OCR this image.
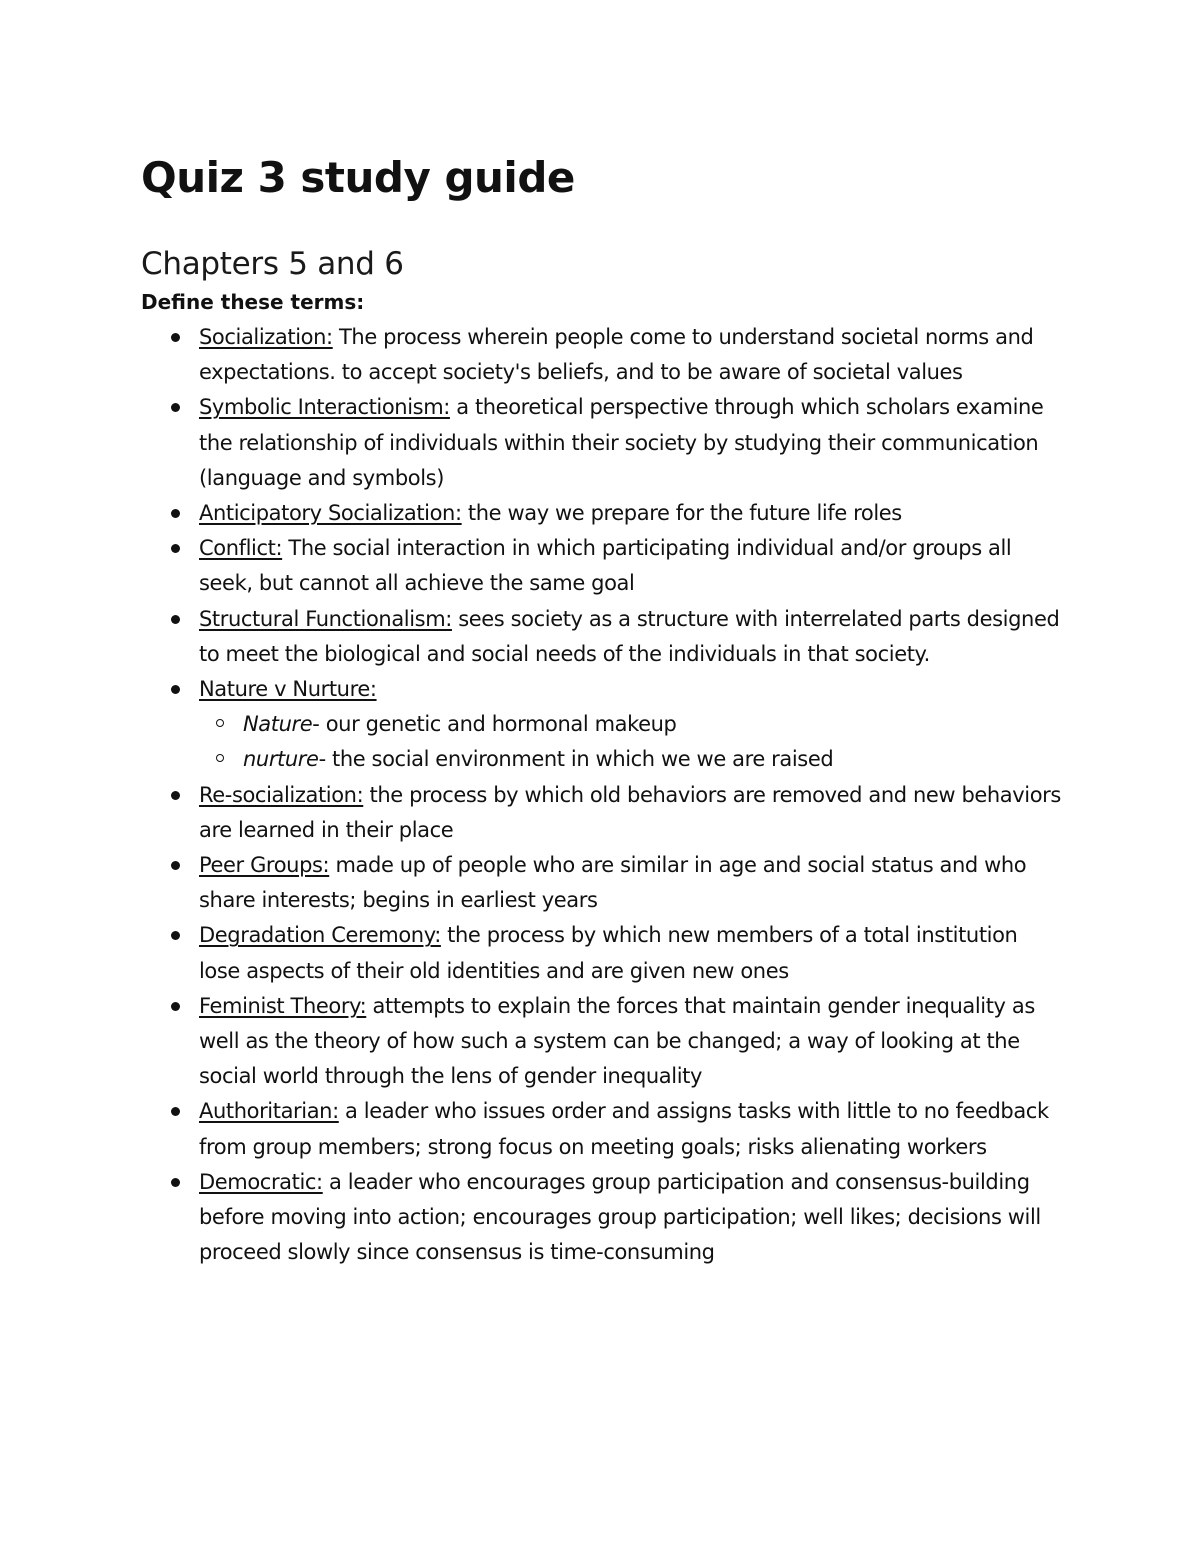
Quiz 3 study guide
Chapters 5 and 6

Define these terms:

Socialization: The process wherein people come to understand societal norms and expectations. to accept society's beliefs, and to be aware of societal values
Symbolic Interactionism: a theoretical perspective through which scholars examine the relationship of individuals within their society by studying their communication (language and symbols)
Anticipatory Socialization: the way we prepare for the future life roles
Conflict: The social interaction in which participating individual and/or groups all seek, but cannot all achieve the same goal
Structural Functionalism: sees society as a structure with interrelated parts designed to meet the biological and social needs of the individuals in that society.
Nature v Nurture:
Nature- our genetic and hormonal makeup
nurture- the social environment in which we we are raised
Re-socialization: the process by which old behaviors are removed and new behaviors are learned in their place
Peer Groups: made up of people who are similar in age and social status and who share interests; begins in earliest years
Degradation Ceremony: the process by which new members of a total institution lose aspects of their old identities and are given new ones
Feminist Theory: attempts to explain the forces that maintain gender inequality as well as the theory of how such a system can be changed; a way of looking at the social world through the lens of gender inequality
Authoritarian: a leader who issues order and assigns tasks with little to no feedback from group members; strong focus on meeting goals; risks alienating workers
Democratic: a leader who encourages group participation and consensus-building before moving into action; encourages group participation; well likes; decisions will proceed slowly since consensus is time-consuming
